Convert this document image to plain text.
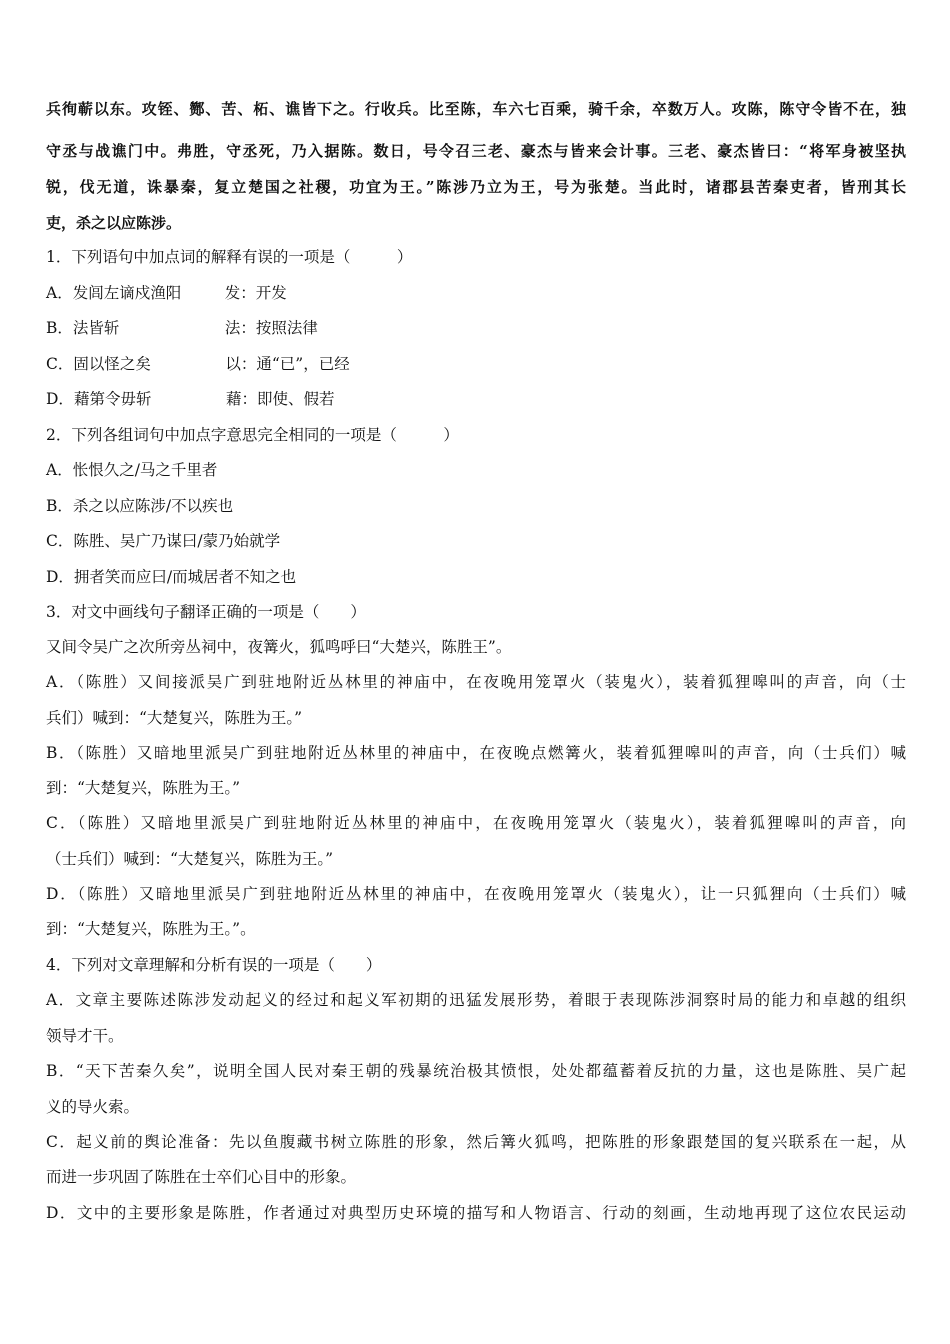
兵徇蕲以东。攻铚、酂、苦、柘、谯皆下之。行收兵。比至陈，车六七百乘，骑千余，卒数万人。攻陈，陈守令皆不在，独
守丞与战谯门中。弗胜，守丞死，乃入据陈。数日，号令召三老、豪杰与皆来会计事。三老、豪杰皆曰：“将军身被坚执
锐，伐无道，诛暴秦，复立楚国之社稷，功宜为王。”陈涉乃立为王，号为张楚。当此时，诸郡县苦秦吏者，皆刑其长
吏，杀之以应陈涉。
1．下列语句中加点词的解释有误的一项是（　　　）
A．发闾左谪戍渔阳	发：开发
B．法皆斩	法：按照法律
C．固以怪之矣	以：通“已”，已经
D．藉第令毋斩	藉：即使、假若
2．下列各组词句中加点字意思完全相同的一项是（　　　）
A．怅恨久之/马之千里者
B．杀之以应陈涉/不以疾也
C．陈胜、吴广乃谋曰/蒙乃始就学
D．拥者笑而应曰/而城居者不知之也
3．对文中画线句子翻译正确的一项是（　　）
又间令吴广之次所旁丛祠中，夜篝火，狐鸣呼曰“大楚兴，陈胜王”。
A．（陈胜）又间接派吴广到驻地附近丛林里的神庙中，在夜晚用笼罩火（装鬼火），装着狐狸嗥叫的声音，向（士
兵们）喊到：“大楚复兴，陈胜为王。”
B．（陈胜）又暗地里派吴广到驻地附近丛林里的神庙中，在夜晚点燃篝火，装着狐狸嗥叫的声音，向（士兵们）喊
到：“大楚复兴，陈胜为王。”
C．（陈胜）又暗地里派吴广到驻地附近丛林里的神庙中，在夜晚用笼罩火（装鬼火），装着狐狸嗥叫的声音，向
（士兵们）喊到：“大楚复兴，陈胜为王。”
D．（陈胜）又暗地里派吴广到驻地附近丛林里的神庙中，在夜晚用笼罩火（装鬼火），让一只狐狸向（士兵们）喊
到：“大楚复兴，陈胜为王。”。
4．下列对文章理解和分析有误的一项是（　　）
A．文章主要陈述陈涉发动起义的经过和起义军初期的迅猛发展形势，着眼于表现陈涉洞察时局的能力和卓越的组织
领导才干。
B．“天下苦秦久矣”，说明全国人民对秦王朝的残暴统治极其愤恨，处处都蕴蓄着反抗的力量，这也是陈胜、吴广起
义的导火索。
C．起义前的舆论准备：先以鱼腹藏书树立陈胜的形象，然后篝火狐鸣，把陈胜的形象跟楚国的复兴联系在一起，从
而进一步巩固了陈胜在士卒们心目中的形象。
D．文中的主要形象是陈胜，作者通过对典型历史环境的描写和人物语言、行动的刻画，生动地再现了这位农民运动
